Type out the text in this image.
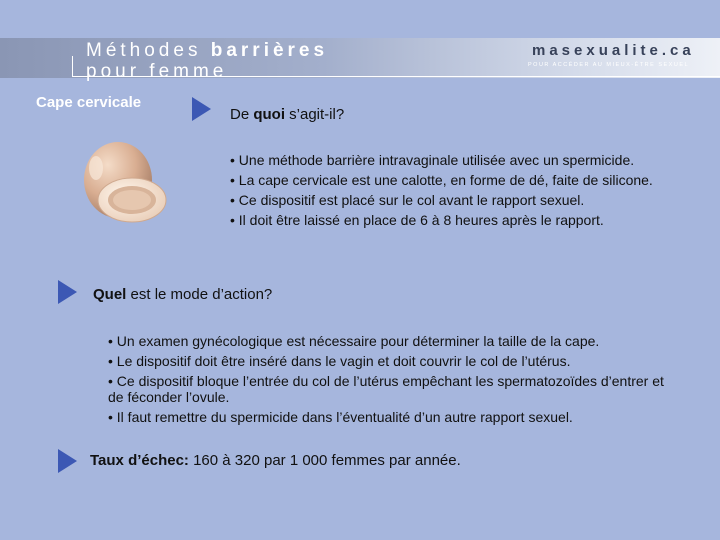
Méthodes barrières
pour femme
masexualite.ca
POUR ACCÉDER AU MIEUX-ÊTRE SEXUEL
Cape cervicale
De quoi s’agit-il?
• Une méthode barrière intravaginale utilisée avec un spermicide.
• La cape cervicale est une calotte, en forme de dé, faite de silicone.
• Ce dispositif est placé sur le col avant le rapport sexuel.
• Il doit être laissé en place de 6 à 8 heures après le rapport.
Quel est le mode d’action?
• Un examen gynécologique est nécessaire pour déterminer la taille de la cape.
• Le dispositif doit être inséré dans le vagin et doit couvrir le col de l’utérus.
• Ce dispositif bloque l’entrée du col de l’utérus empêchant les spermatozoïdes d’entrer et de féconder l’ovule.
• Il faut remettre du spermicide dans l’éventualité d’un autre rapport sexuel.
Taux d’échec: 160 à 320 par 1 000 femmes par année.
